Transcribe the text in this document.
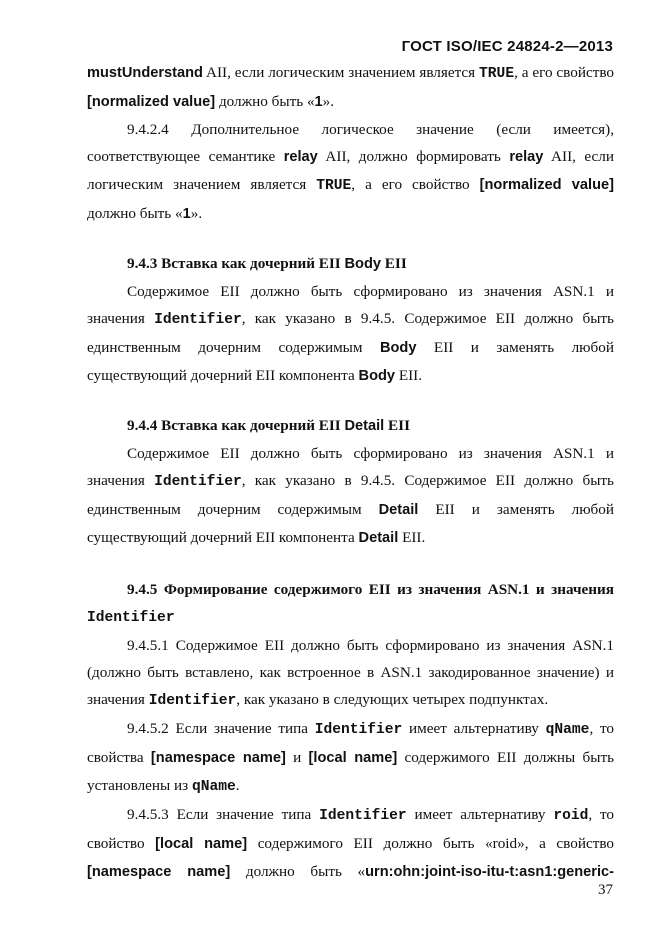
ГОСТ ISO/IEC 24824-2—2013

mustUnderstand AII, если логическим значением является TRUE, а его свойство [normalized value] должно быть «1».

9.4.2.4 Дополнительное логическое значение (если имеется), соответствующее семантике relay AII, должно формировать relay AII, если логическим значением является TRUE, а его свойство [normalized value] должно быть «1».

9.4.3 Вставка как дочерний EII Body EII

Содержимое EII должно быть сформировано из значения ASN.1 и значения Identifier, как указано в 9.4.5. Содержимое EII должно быть единственным дочерним содержимым Body EII и заменять любой существующий дочерний EII компонента Body EII.

9.4.4 Вставка как дочерний EII Detail EII

Содержимое EII должно быть сформировано из значения ASN.1 и значения Identifier, как указано в 9.4.5. Содержимое EII должно быть единственным дочерним содержимым Detail EII и заменять любой существующий дочерний EII компонента Detail EII.

9.4.5 Формирование содержимого EII из значения ASN.1 и значения Identifier

9.4.5.1 Содержимое EII должно быть сформировано из значения ASN.1 (должно быть вставлено, как встроенное в ASN.1 закодированное значение) и значения Identifier, как указано в следующих четырех подпунктах.

9.4.5.2 Если значение типа Identifier имеет альтернативу qName, то свойства [namespace name] и [local name] содержимого EII должны быть установлены из qName.

9.4.5.3 Если значение типа Identifier имеет альтернативу roid, то свойство [local name] содержимого EII должно быть «roid», а свойство [namespace name] должно быть «urn:ohn:joint-iso-itu-t:asn1:generic-

37
